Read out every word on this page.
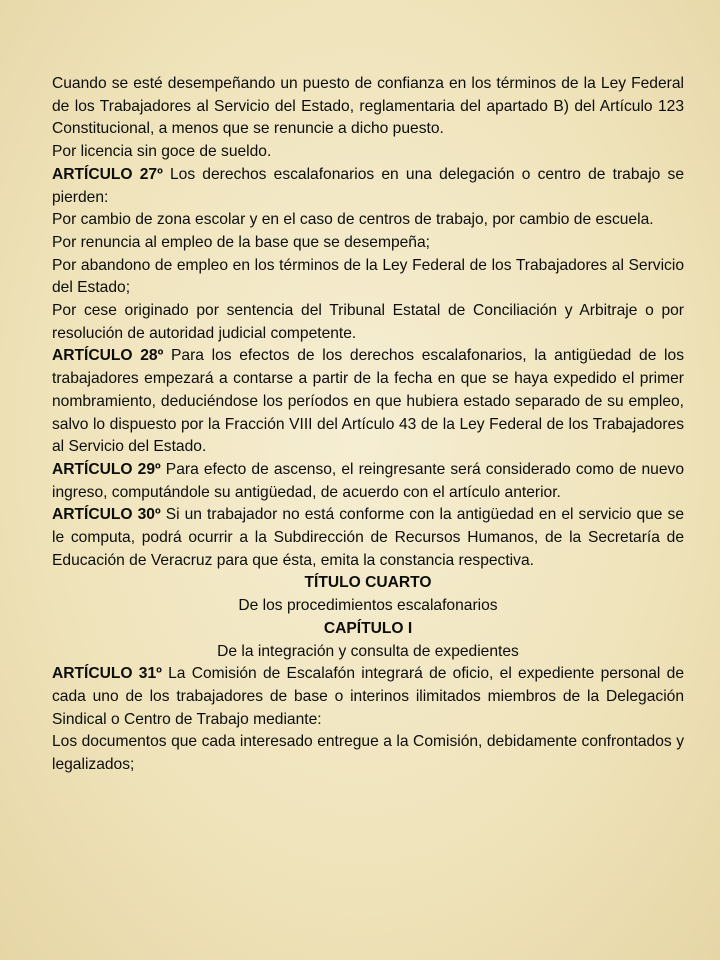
Cuando se esté desempeñando un puesto de confianza en los términos de la Ley Federal de los Trabajadores al Servicio del Estado, reglamentaria del apartado B) del Artículo 123 Constitucional, a menos que se renuncie a dicho puesto.

Por licencia sin goce de sueldo.

ARTÍCULO 27º Los derechos escalafonarios en una delegación o centro de trabajo se pierden:

Por cambio de zona escolar y en el caso de centros de trabajo, por cambio de escuela.

Por renuncia al empleo de la base que se desempeña;

Por abandono de empleo en los términos de la Ley Federal de los Trabajadores al Servicio del Estado;

Por cese originado por sentencia del Tribunal Estatal de Conciliación y Arbitraje o por resolución de autoridad judicial competente.

ARTÍCULO 28º Para los efectos de los derechos escalafonarios, la antigüedad de los trabajadores empezará a contarse a partir de la fecha en que se haya expedido el primer nombramiento, deduciéndose los períodos en que hubiera estado separado de su empleo, salvo lo dispuesto por la Fracción VIII del Artículo 43 de la Ley Federal de los Trabajadores al Servicio del Estado.

ARTÍCULO 29º Para efecto de ascenso, el reingresante será considerado como de nuevo ingreso, computándole su antigüedad, de acuerdo con el artículo anterior.

ARTÍCULO 30º Si un trabajador no está conforme con la antigüedad en el servicio que se le computa, podrá ocurrir a la Subdirección de Recursos Humanos, de la Secretaría de Educación de Veracruz para que ésta, emita la constancia respectiva.

TÍTULO CUARTO

De los procedimientos escalafonarios

CAPÍTULO I

De la integración y consulta de expedientes

ARTÍCULO 31º La Comisión de Escalafón integrará de oficio, el expediente personal de cada uno de los trabajadores de base o interinos ilimitados miembros de la Delegación Sindical o Centro de Trabajo mediante:

Los documentos que cada interesado entregue a la Comisión, debidamente confrontados y legalizados;
